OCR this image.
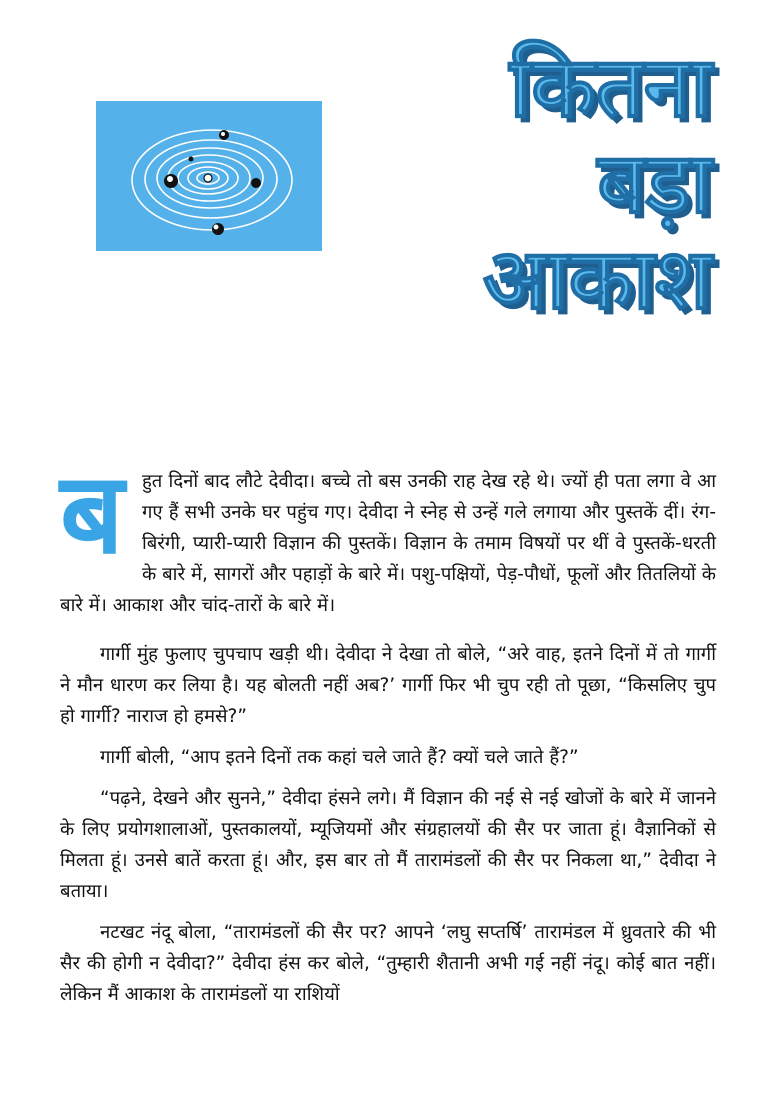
कितना
बड़ा
आकाश

ब हुत दिनों बाद लौटे देवीदा। बच्चे तो बस उनकी राह देख रहे थे। ज्यों ही पता लगा वे आ गए हैं सभी उनके घर पहुंच गए। देवीदा ने स्नेह से उन्हें गले लगाया और पुस्तकें दीं। रंग-बिरंगी, प्यारी-प्यारी विज्ञान की पुस्तकें। विज्ञान के तमाम विषयों पर थीं वे पुस्तकें-धरती के बारे में, सागरों और पहाड़ों के बारे में। पशु-पक्षियों, पेड़-पौधों, फूलों और तितलियों के बारे में। आकाश और चांद-तारों के बारे में।

गार्गी मुंह फुलाए चुपचाप खड़ी थी। देवीदा ने देखा तो बोले, “अरे वाह, इतने दिनों में तो गार्गी ने मौन धारण कर लिया है। यह बोलती नहीं अब?’ गार्गी फिर भी चुप रही तो पूछा, “किसलिए चुप हो गार्गी? नाराज हो हमसे?”

गार्गी बोली, “आप इतने दिनों तक कहां चले जाते हैं? क्यों चले जाते हैं?”

“पढ़ने, देखने और सुनने,” देवीदा हंसने लगे। मैं विज्ञान की नई से नई खोजों के बारे में जानने के लिए प्रयोगशालाओं, पुस्तकालयों, म्यूजियमों और संग्रहालयों की सैर पर जाता हूं। वैज्ञानिकों से मिलता हूं। उनसे बातें करता हूं। और, इस बार तो मैं तारामंडलों की सैर पर निकला था,” देवीदा ने बताया।

नटखट नंदू बोला, “तारामंडलों की सैर पर? आपने ‘लघु सप्तर्षि’ तारामंडल में ध्रुवतारे की भी सैर की होगी न देवीदा?” देवीदा हंस कर बोले, “तुम्हारी शैतानी अभी गई नहीं नंदू। कोई बात नहीं। लेकिन मैं आकाश के तारामंडलों या राशियों
